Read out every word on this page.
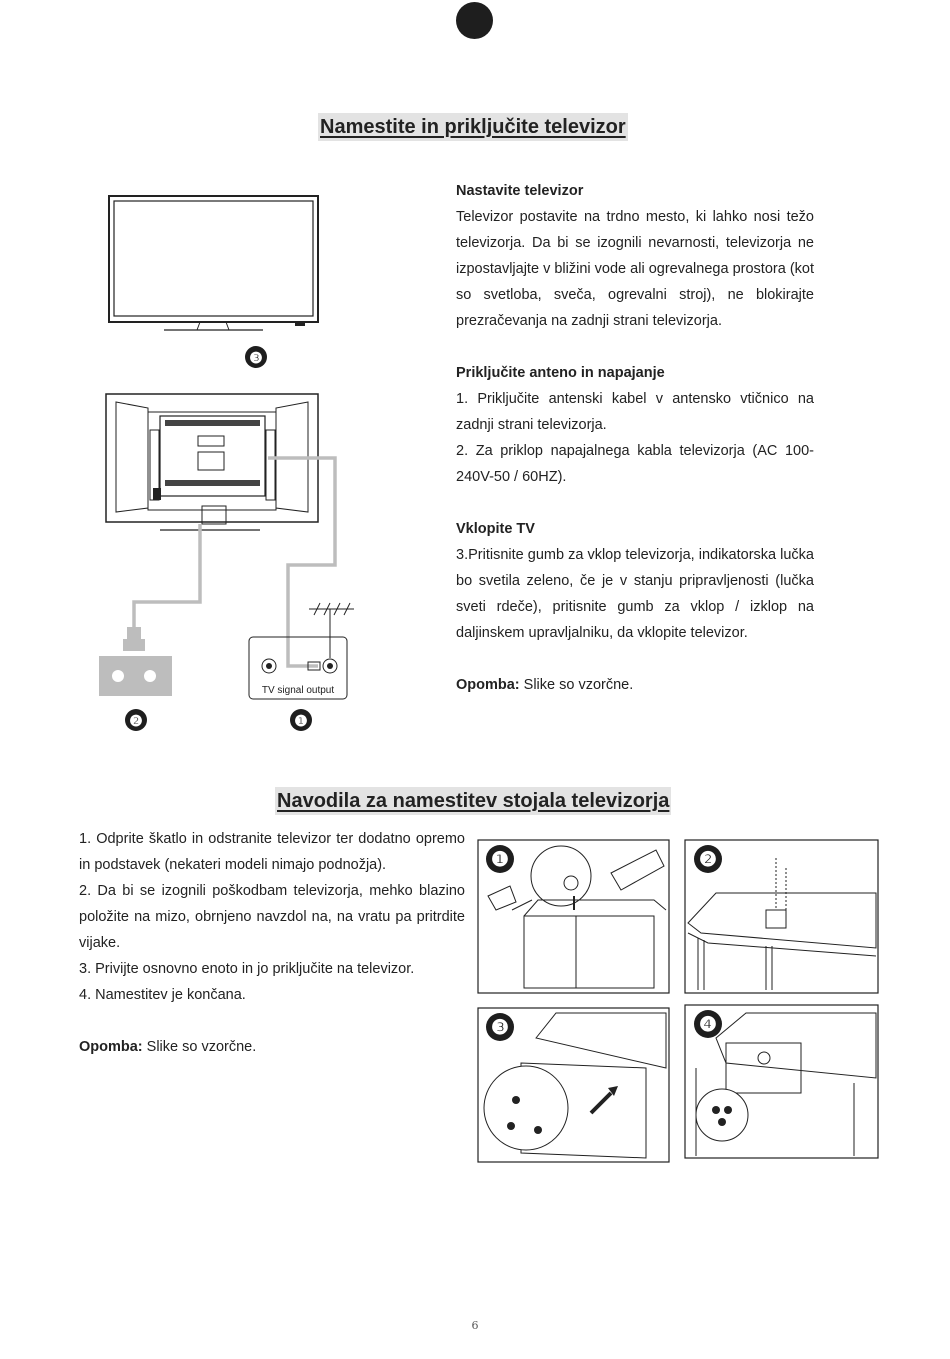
Namestite in priključite televizor

Nastavite televizor

Televizor postavite na trdno mesto, ki lahko nosi težo televizorja. Da bi se izognili nevarnosti, televizorja ne izpostavljajte v bližini vode ali ogrevalnega prostora (kot so svetloba, sveča, ogrevalni stroj), ne blokirajte prezračevanja na zadnji strani televizorja.

Priključite anteno in napajanje

1. Priključite antenski kabel v antensko vtičnico na zadnji strani televizorja.

2. Za priklop napajalnega kabla televizorja (AC 100-240V-50 / 60HZ).

Vklopite TV

3.Pritisnite gumb za vklop televizorja, indikatorska lučka bo svetila zeleno, če je v stanju pripravljenosti (lučka sveti rdeče), pritisnite gumb za vklop / izklop na daljinskem upravljalniku, da vklopite televizor.

Opomba: Slike so vzorčne.

❸
❷
TV signal output
❶
Navodila za namestitev stojala televizorja

1. Odprite škatlo in odstranite televizor ter dodatno opremo in podstavek (nekateri modeli nimajo podnožja).

2. Da bi se izognili poškodbam televizorja, mehko blazino položite na mizo, obrnjeno navzdol na, na vratu pa pritrdite vijake.

3. Privijte osnovno enoto in jo priključite na televizor.

4. Namestitev je končana.

Opomba: Slike so vzorčne.

❶	❷
❸	❹
6
